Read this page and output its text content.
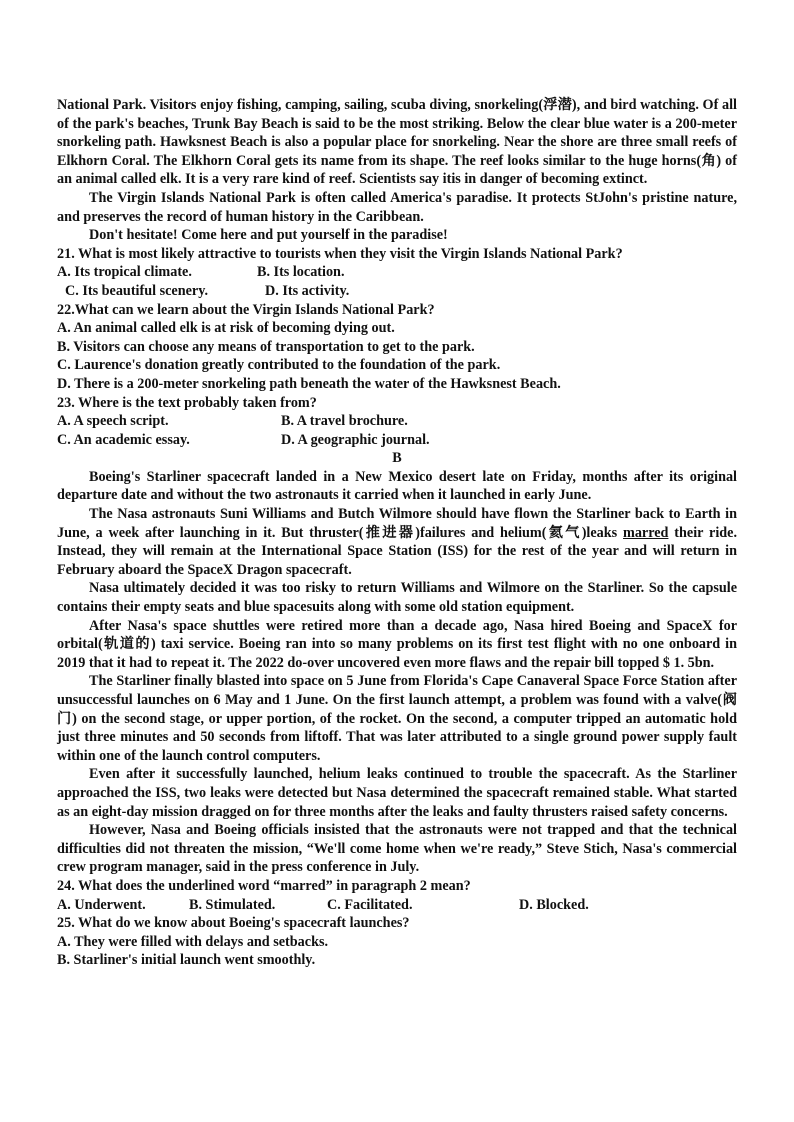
National Park. Visitors enjoy fishing, camping, sailing, scuba diving, snorkeling(浮潜), and bird watching. Of all of the park's beaches, Trunk Bay Beach is said to be the most striking. Below the clear blue water is a 200-meter snorkeling path. Hawksnest Beach is also a popular place for snorkeling. Near the shore are three small reefs of Elkhorn Coral. The Elkhorn Coral gets its name from its shape. The reef looks similar to the huge horns(角) of an animal called elk. It is a very rare kind of reef. Scientists say itis in danger of becoming extinct.

The Virgin Islands National Park is often called America's paradise. It protects StJohn's pristine nature, and preserves the record of human history in the Caribbean.

Don't hesitate! Come here and put yourself in the paradise!

21. What is most likely attractive to tourists when they visit the Virgin Islands National Park?

A. Its tropical climate.	B. Its location.
C. Its beautiful scenery.	D. Its activity.

22.What can we learn about the Virgin Islands National Park?

A. An animal called elk is at risk of becoming dying out.

B. Visitors can choose any means of transportation to get to the park.

C. Laurence's donation greatly contributed to the foundation of the park.

D. There is a 200-meter snorkeling path beneath the water of the Hawksnest Beach.

23. Where is the text probably taken from?

A. A speech script.	B. A travel brochure.
C. An academic essay.	D. A geographic journal.

B

Boeing's Starliner spacecraft landed in a New Mexico desert late on Friday, months after its original departure date and without the two astronauts it carried when it launched in early June.

The Nasa astronauts Suni Williams and Butch Wilmore should have flown the Starliner back to Earth in June, a week after launching in it. But thruster(推进器)failures and helium(氦气)leaks marred their ride. Instead, they will remain at the International Space Station (ISS) for the rest of the year and will return in February aboard the SpaceX Dragon spacecraft.

Nasa ultimately decided it was too risky to return Williams and Wilmore on the Starliner. So the capsule contains their empty seats and blue spacesuits along with some old station equipment.

After Nasa's space shuttles were retired more than a decade ago, Nasa hired Boeing and SpaceX for orbital(轨道的) taxi service. Boeing ran into so many problems on its first test flight with no one onboard in 2019 that it had to repeat it. The 2022 do-over uncovered even more flaws and the repair bill topped $ 1. 5bn.

The Starliner finally blasted into space on 5 June from Florida's Cape Canaveral Space Force Station after unsuccessful launches on 6 May and 1 June. On the first launch attempt, a problem was found with a valve(阀门) on the second stage, or upper portion, of the rocket. On the second, a computer tripped an automatic hold just three minutes and 50 seconds from liftoff. That was later attributed to a single ground power supply fault within one of the launch control computers.

Even after it successfully launched, helium leaks continued to trouble the spacecraft. As the Starliner approached the ISS, two leaks were detected but Nasa determined the spacecraft remained stable. What started as an eight-day mission dragged on for three months after the leaks and faulty thrusters raised safety concerns.

However, Nasa and Boeing officials insisted that the astronauts were not trapped and that the technical difficulties did not threaten the mission, “We'll come home when we're ready,” Steve Stich, Nasa's commercial crew program manager, said in the press conference in July.

24. What does the underlined word “marred” in paragraph 2 mean?

A. Underwent.	B. Stimulated.	C. Facilitated.	D. Blocked.

25. What do we know about Boeing's spacecraft launches?

A. They were filled with delays and setbacks.

B. Starliner's initial launch went smoothly.
